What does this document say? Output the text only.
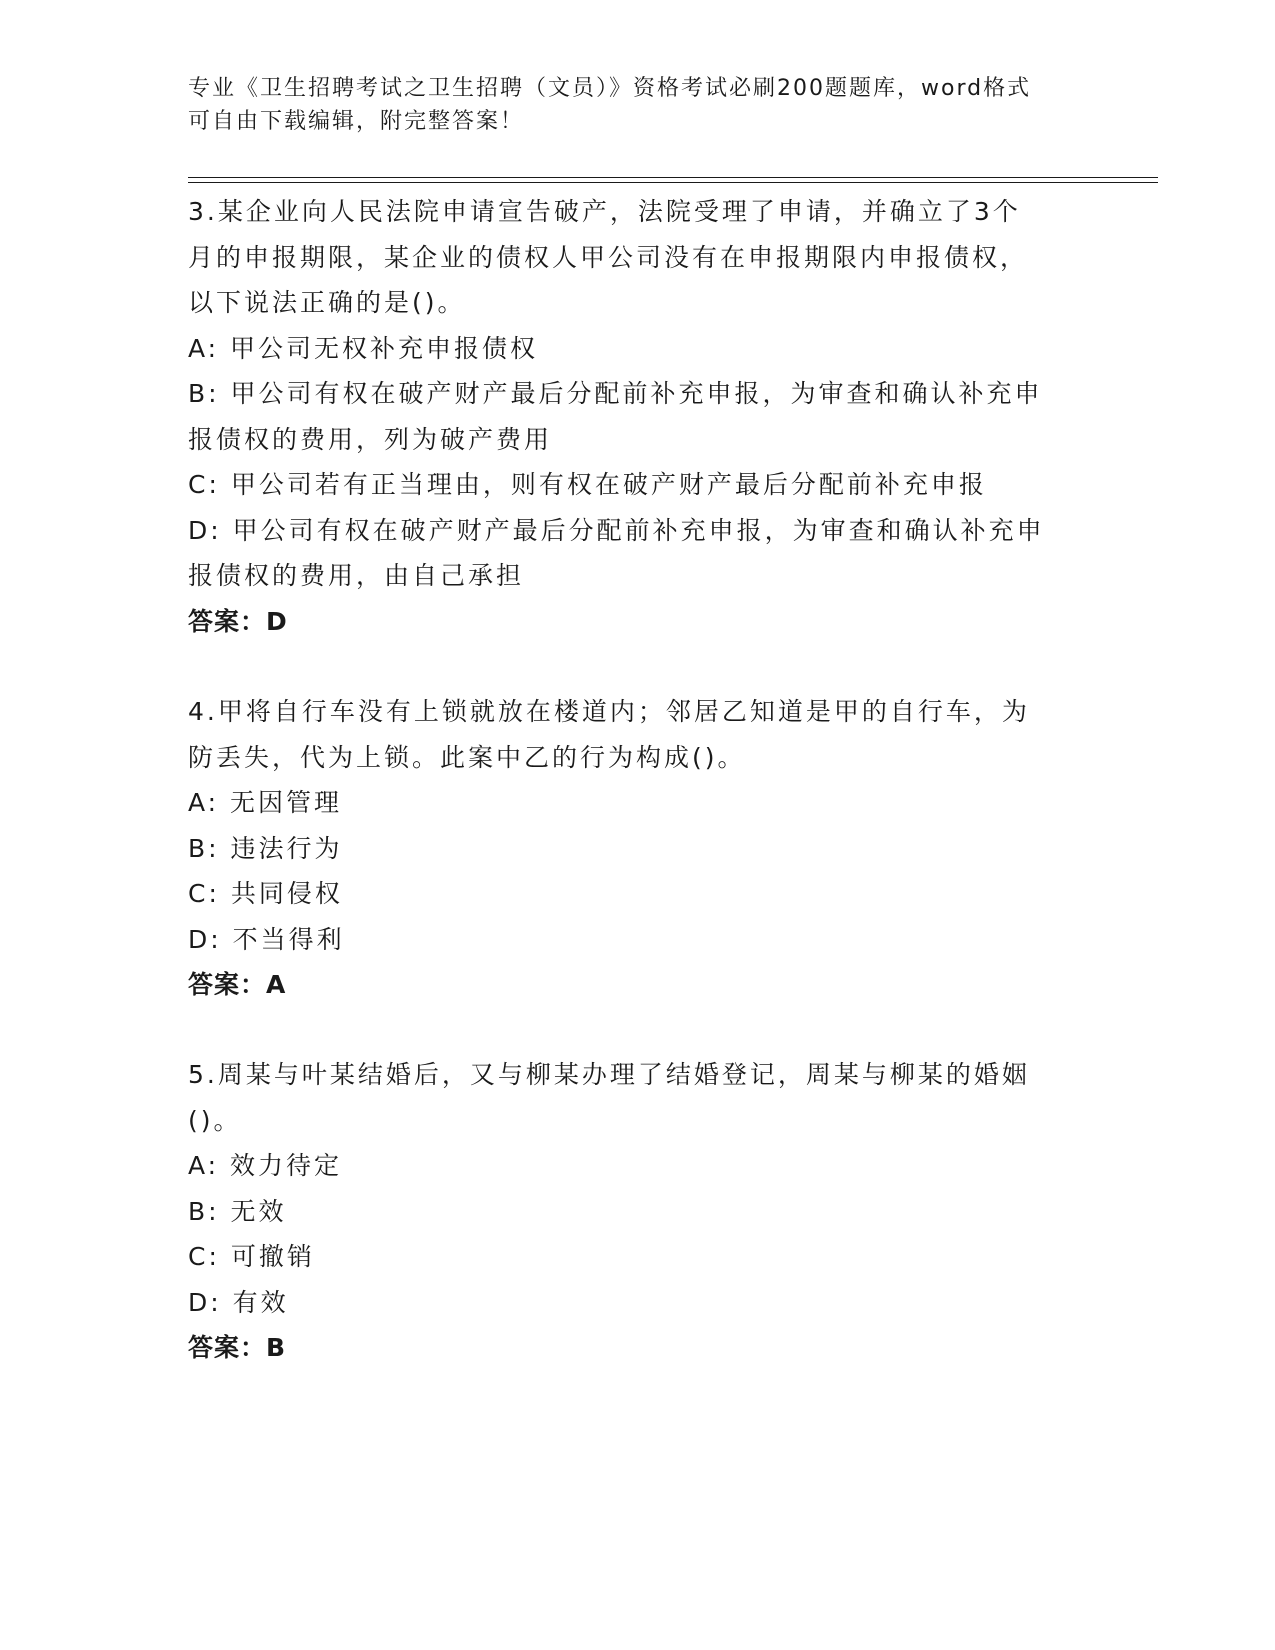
专业《卫生招聘考试之卫生招聘（文员）》资格考试必刷200题题库，word格式
可自由下载编辑，附完整答案！
3.某企业向人民法院申请宣告破产，法院受理了申请，并确立了3个
月的申报期限，某企业的债权人甲公司没有在申报期限内申报债权，
以下说法正确的是()。
A: 甲公司无权补充申报债权
B: 甲公司有权在破产财产最后分配前补充申报，为审查和确认补充申
报债权的费用，列为破产费用
C: 甲公司若有正当理由，则有权在破产财产最后分配前补充申报
D: 甲公司有权在破产财产最后分配前补充申报，为审查和确认补充申
报债权的费用，由自己承担
答案：D
4.甲将自行车没有上锁就放在楼道内；邻居乙知道是甲的自行车，为
防丢失，代为上锁。此案中乙的行为构成()。
A: 无因管理
B: 违法行为
C: 共同侵权
D: 不当得利
答案：A
5.周某与叶某结婚后，又与柳某办理了结婚登记，周某与柳某的婚姻
()。
A: 效力待定
B: 无效
C: 可撤销
D: 有效
答案：B
